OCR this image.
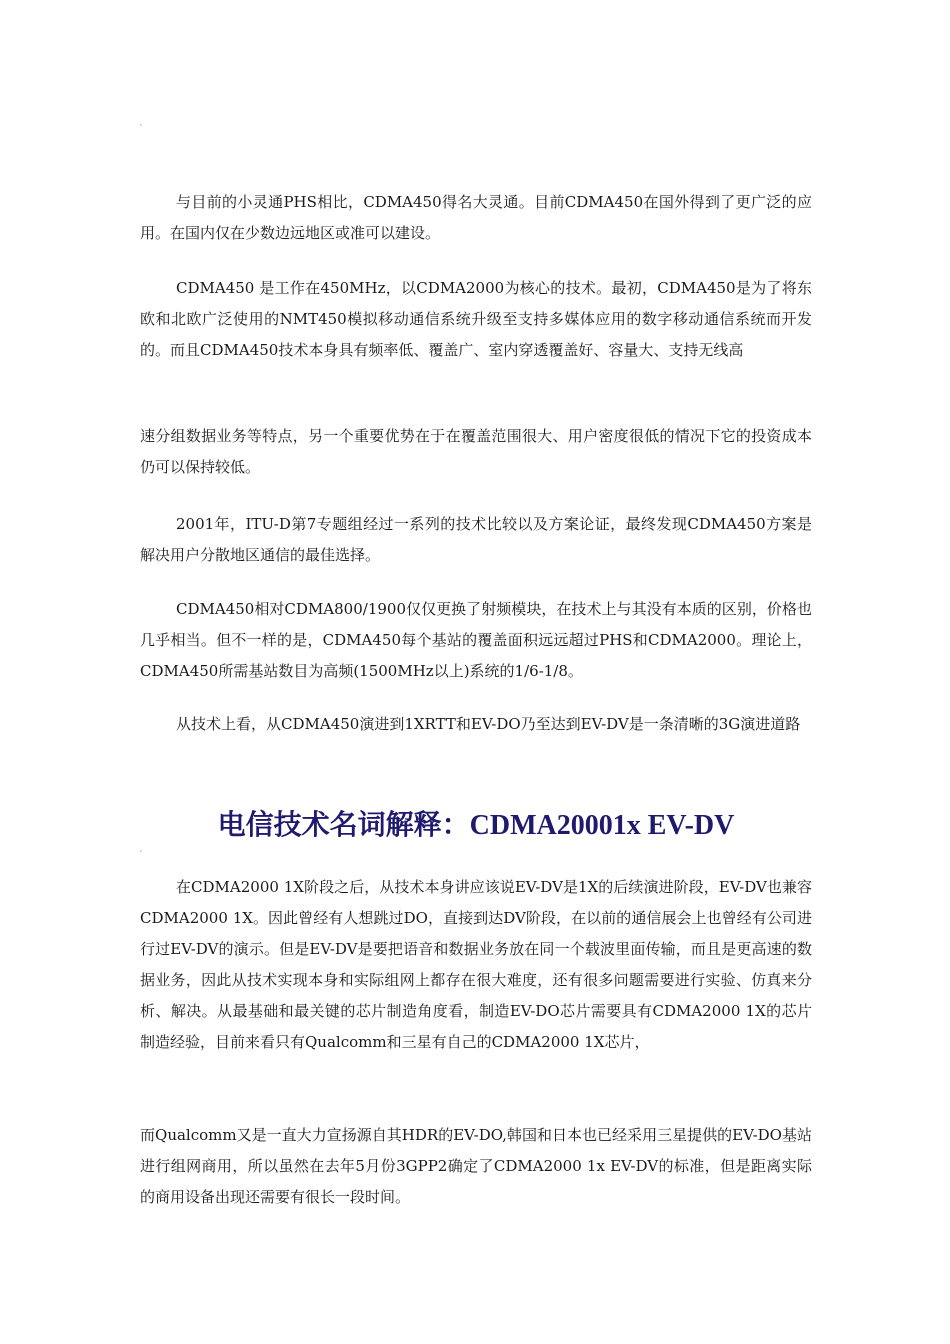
与目前的小灵通PHS相比，CDMA450得名大灵通。目前CDMA450在国外得到了更广泛的应用。在国内仅在少数边远地区或准可以建设。

CDMA450 是工作在450MHz，以CDMA2000为核心的技术。最初，CDMA450是为了将东欧和北欧广泛使用的NMT450模拟移动通信系统升级至支持多媒体应用的数字移动通信系统而开发的。而且CDMA450技术本身具有频率低、覆盖广、室内穿透覆盖好、容量大、支持无线高

速分组数据业务等特点，另一个重要优势在于在覆盖范围很大、用户密度很低的情况下它的投资成本仍可以保持较低。

2001年，ITU-D第7专题组经过一系列的技术比较以及方案论证，最终发现CDMA450方案是解决用户分散地区通信的最佳选择。

CDMA450相对CDMA800/1900仅仅更换了射频模块，在技术上与其没有本质的区别，价格也几乎相当。但不一样的是，CDMA450每个基站的覆盖面积远远超过PHS和CDMA2000。理论上，CDMA450所需基站数目为高频(1500MHz以上)系统的1/6-1/8。

从技术上看，从CDMA450演进到1XRTT和EV-DO乃至达到EV-DV是一条清晰的3G演进道路

电信技术名词解释：CDMA20001x EV-DV

在CDMA2000 1X阶段之后，从技术本身讲应该说EV-DV是1X的后续演进阶段，EV-DV也兼容CDMA2000 1X。因此曾经有人想跳过DO，直接到达DV阶段，在以前的通信展会上也曾经有公司进行过EV-DV的演示。但是EV-DV是要把语音和数据业务放在同一个载波里面传输，而且是更高速的数据业务，因此从技术实现本身和实际组网上都存在很大难度，还有很多问题需要进行实验、仿真来分析、解决。从最基础和最关键的芯片制造角度看，制造EV-DO芯片需要具有CDMA2000 1X的芯片制造经验，目前来看只有Qualcomm和三星有自己的CDMA2000 1X芯片，

而Qualcomm又是一直大力宣扬源自其HDR的EV-DO,韩国和日本也已经采用三星提供的EV-DO基站进行组网商用，所以虽然在去年5月份3GPP2确定了CDMA2000 1x EV-DV的标准，但是距离实际的商用设备出现还需要有很长一段时间。
